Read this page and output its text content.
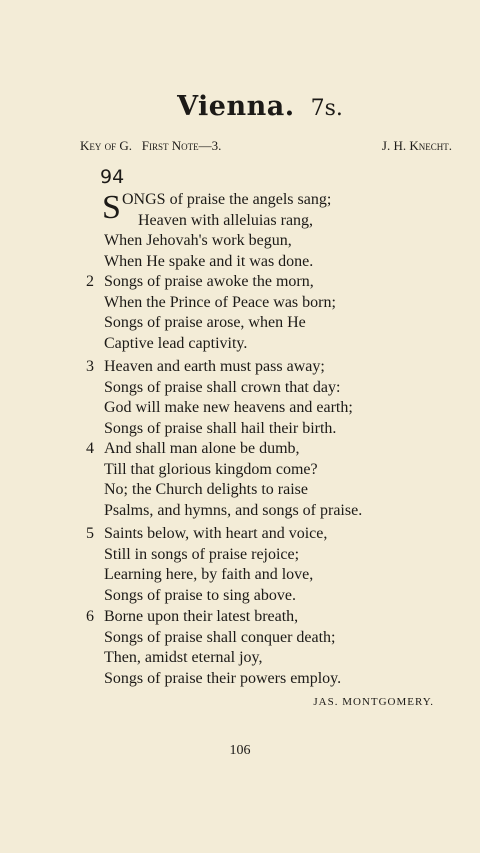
Vienna. 7s.
Key of G.   First Note—3.	J. H. Knecht.
94
S ONGS of praise the angels sang;
Heaven with alleluias rang,
When Jehovah's work begun,
When He spake and it was done.
2 Songs of praise awoke the morn,
When the Prince of Peace was born;
Songs of praise arose, when He
Captive lead captivity.
3 Heaven and earth must pass away;
Songs of praise shall crown that day:
God will make new heavens and earth;
Songs of praise shall hail their birth.
4 And shall man alone be dumb,
Till that glorious kingdom come?
No; the Church delights to raise
Psalms, and hymns, and songs of praise.
5 Saints below, with heart and voice,
Still in songs of praise rejoice;
Learning here, by faith and love,
Songs of praise to sing above.
6 Borne upon their latest breath,
Songs of praise shall conquer death;
Then, amidst eternal joy,
Songs of praise their powers employ.
JAS. MONTGOMERY.
106
